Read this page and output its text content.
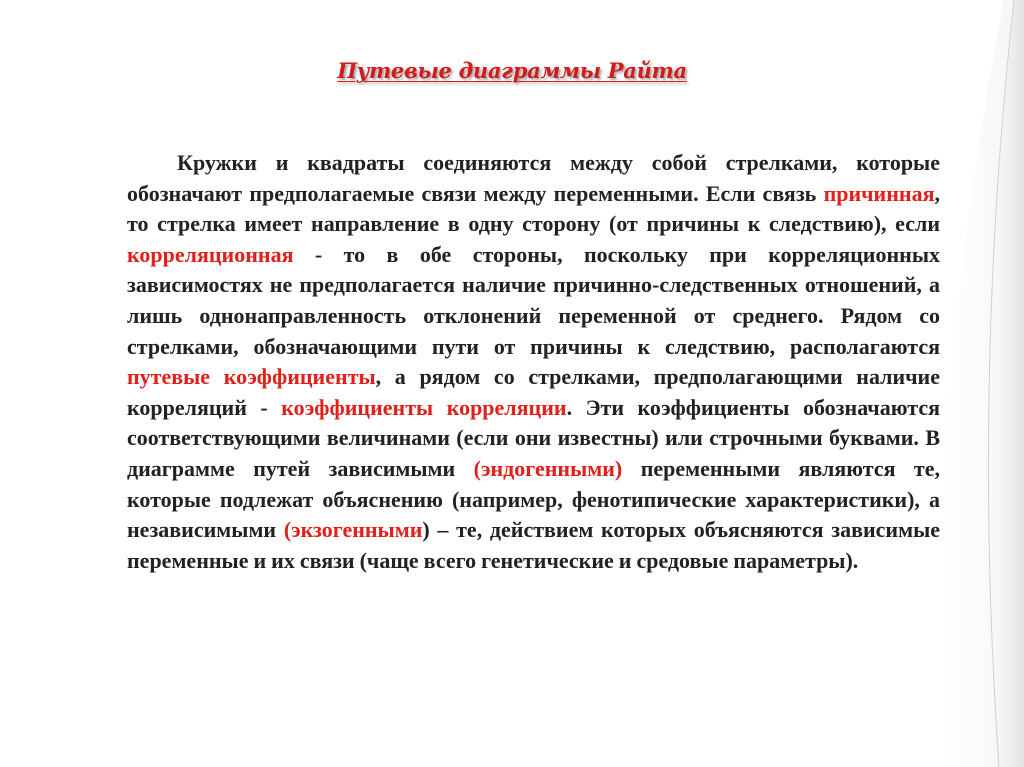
Путевые диаграммы Райта

Кружки и квадраты соединяются между собой стрелками, которые обозначают предполагаемые связи между переменными. Если связь причинная, то стрелка имеет направление в одну сторону (от причины к следствию), если корреляционная - то в обе стороны, поскольку при корреляционных зависимостях не предполагается наличие причинно-следственных отношений, а лишь однонаправленность отклонений переменной от среднего. Рядом со стрелками, обозначающими пути от причины к следствию, располагаются путевые коэффициенты, а рядом со стрелками, предполагающими наличие корреляций - коэффициенты корреляции. Эти коэффициенты обозначаются соответствующими величинами (если они известны) или строчными буквами. В диаграмме путей зависимыми (эндогенными) переменными являются те, которые подлежат объяснению (например, фенотипические характеристики), а независимыми (экзогенными) – те, действием которых объясняются зависимые переменные и их связи (чаще всего генетические и средовые параметры).
